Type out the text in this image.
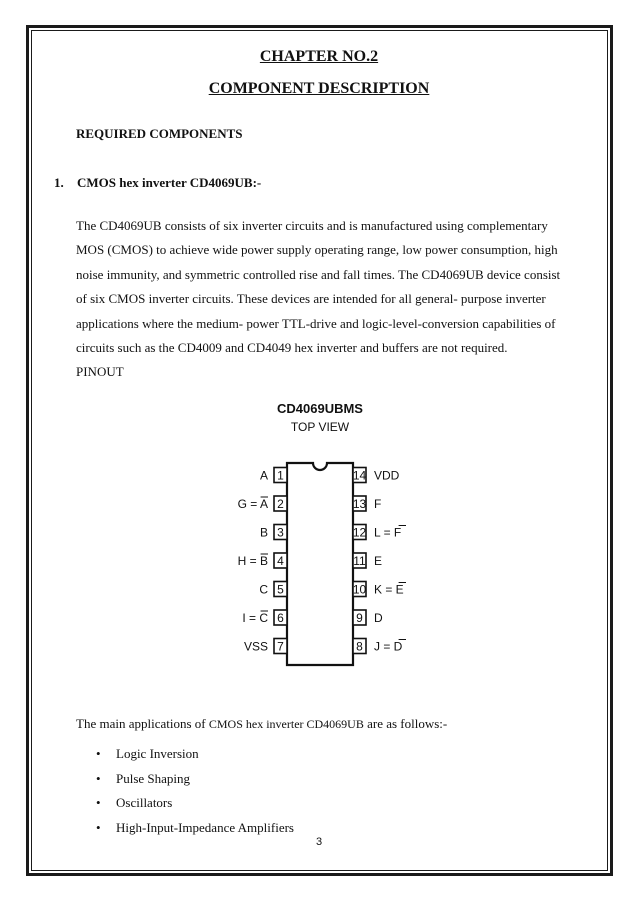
CHAPTER NO.2
COMPONENT DESCRIPTION
REQUIRED COMPONENTS
1. CMOS hex inverter CD4069UB:-
The CD4069UB consists of six inverter circuits and is manufactured using complementary
MOS (CMOS) to achieve wide power supply operating range, low power consumption, high
noise immunity, and symmetric controlled rise and fall times. The CD4069UB device consist
of six CMOS inverter circuits. These devices are intended for all general- purpose inverter
applications where the medium- power TTL-drive and logic-level-conversion capabilities of
circuits such as the CD4009 and CD4049 hex inverter and buffers are not required.
PINOUT
CD4069UBMS
TOP VIEW
1
A
2
G = A
3
B
4
H = B
5
C
6
I = C
7
VSS
14 VDD
13 F
12 L = F
11 E
10 K = E
9 D
8 J = D
The main applications of CMOS hex inverter CD4069UB are as follows:-
• Logic Inversion
• Pulse Shaping
• Oscillators
• High-Input-Impedance Amplifiers
3
